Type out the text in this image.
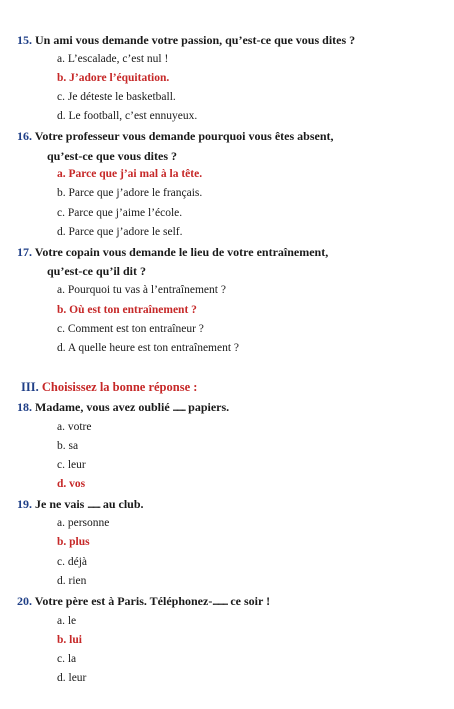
15. Un ami vous demande votre passion, qu’est-ce que vous dites ?
a. L’escalade, c’est nul !
b. J’adore l’équitation.
c. Je déteste le basketball.
d. Le football, c’est ennuyeux.
16. Votre professeur vous demande pourquoi vous êtes absent,
qu’est-ce que vous dites ?
a. Parce que j’ai mal à la tête.
b. Parce que j’adore le français.
c. Parce que j’aime l’école.
d. Parce que j’adore le self.
17. Votre copain vous demande le lieu de votre entraînement,
qu’est-ce qu’il dit ?
a. Pourquoi tu vas à l’entraînement ?
b. Où est ton entraînement ?
c. Comment est ton entraîneur ?
d. A quelle heure est ton entraînement ?
III. Choisissez la bonne réponse :
18. Madame, vous avez oublié .......... papiers.
a. votre
b. sa
c. leur
d. vos
19. Je ne vais .......... au club.
a. personne
b. plus
c. déjà
d. rien
20. Votre père est à Paris. Téléphonez-............ ce soir !
a. le
b. lui
c. la
d. leur
